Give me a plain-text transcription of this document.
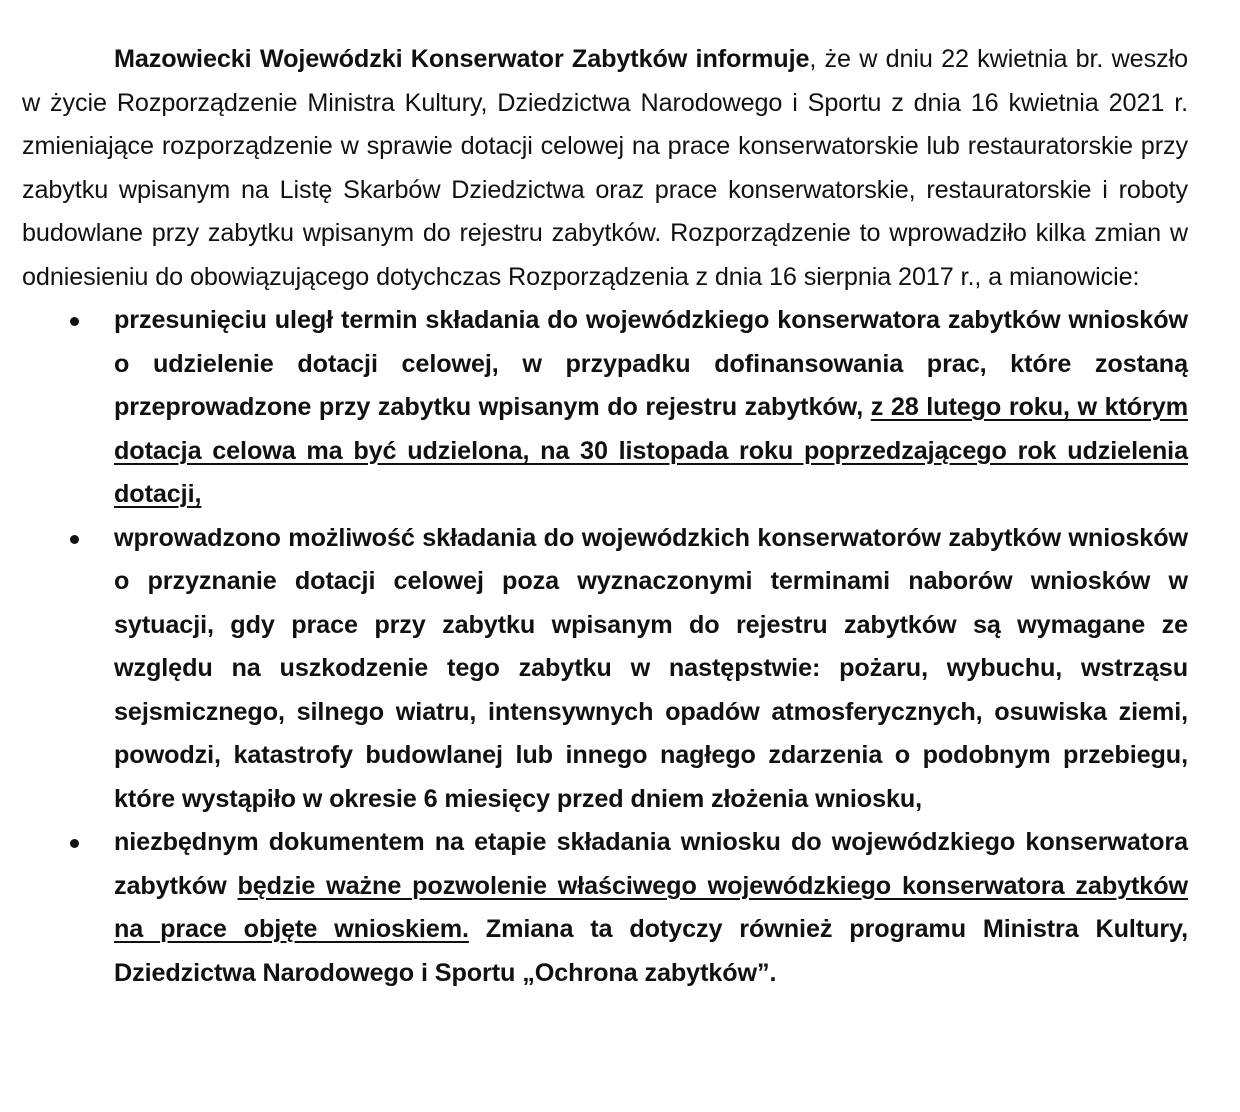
Mazowiecki Wojewódzki Konserwator Zabytków informuje, że w dniu 22 kwietnia br. weszło w życie Rozporządzenie Ministra Kultury, Dziedzictwa Narodowego i Sportu z dnia 16 kwietnia 2021 r. zmieniające rozporządzenie w sprawie dotacji celowej na prace konserwatorskie lub restauratorskie przy zabytku wpisanym na Listę Skarbów Dziedzictwa oraz prace konserwatorskie, restauratorskie i roboty budowlane przy zabytku wpisanym do rejestru zabytków. Rozporządzenie to wprowadziło kilka zmian w odniesieniu do obowiązującego dotychczas Rozporządzenia z dnia 16 sierpnia 2017 r., a mianowicie:

przesunięciu uległ termin składania do wojewódzkiego konserwatora zabytków wniosków o udzielenie dotacji celowej, w przypadku dofinansowania prac, które zostaną przeprowadzone przy zabytku wpisanym do rejestru zabytków, z 28 lutego roku, w którym dotacja celowa ma być udzielona, na 30 listopada roku poprzedzającego rok udzielenia dotacji,
wprowadzono możliwość składania do wojewódzkich konserwatorów zabytków wniosków o przyznanie dotacji celowej poza wyznaczonymi terminami naborów wniosków w sytuacji, gdy prace przy zabytku wpisanym do rejestru zabytków są wymagane ze względu na uszkodzenie tego zabytku w następstwie: pożaru, wybuchu, wstrząsu sejsmicznego, silnego wiatru, intensywnych opadów atmosferycznych, osuwiska ziemi, powodzi, katastrofy budowlanej lub innego nagłego zdarzenia o podobnym przebiegu, które wystąpiło w okresie 6 miesięcy przed dniem złożenia wniosku,
niezbędnym dokumentem na etapie składania wniosku do wojewódzkiego konserwatora zabytków będzie ważne pozwolenie właściwego wojewódzkiego konserwatora zabytków na prace objęte wnioskiem. Zmiana ta dotyczy również programu Ministra Kultury, Dziedzictwa Narodowego i Sportu „Ochrona zabytków”.
